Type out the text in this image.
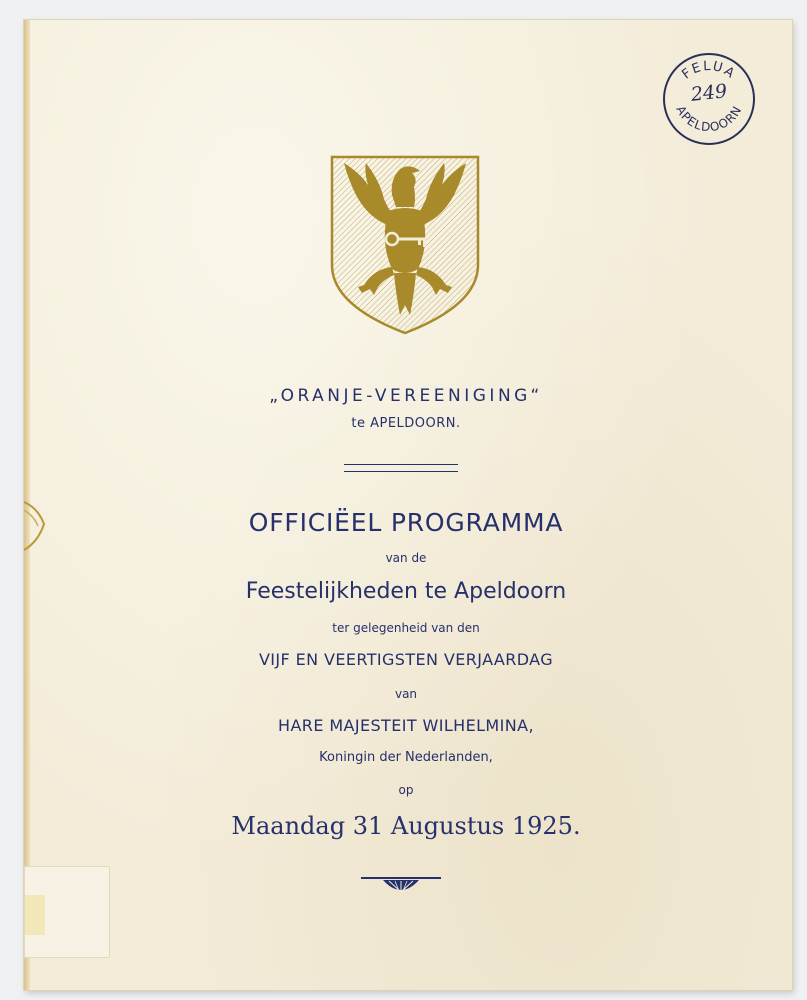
FELUA
APELDOORN
249

„ORANJE-VEREENIGING“

te APELDOORN.

OFFICIËEL PROGRAMMA

van de

Feestelijkheden te Apeldoorn

ter gelegenheid van den

VIJF EN VEERTIGSTEN VERJAARDAG

van

HARE MAJESTEIT WILHELMINA,

Koningin der Nederlanden,

op

Maandag 31 Augustus 1925.
